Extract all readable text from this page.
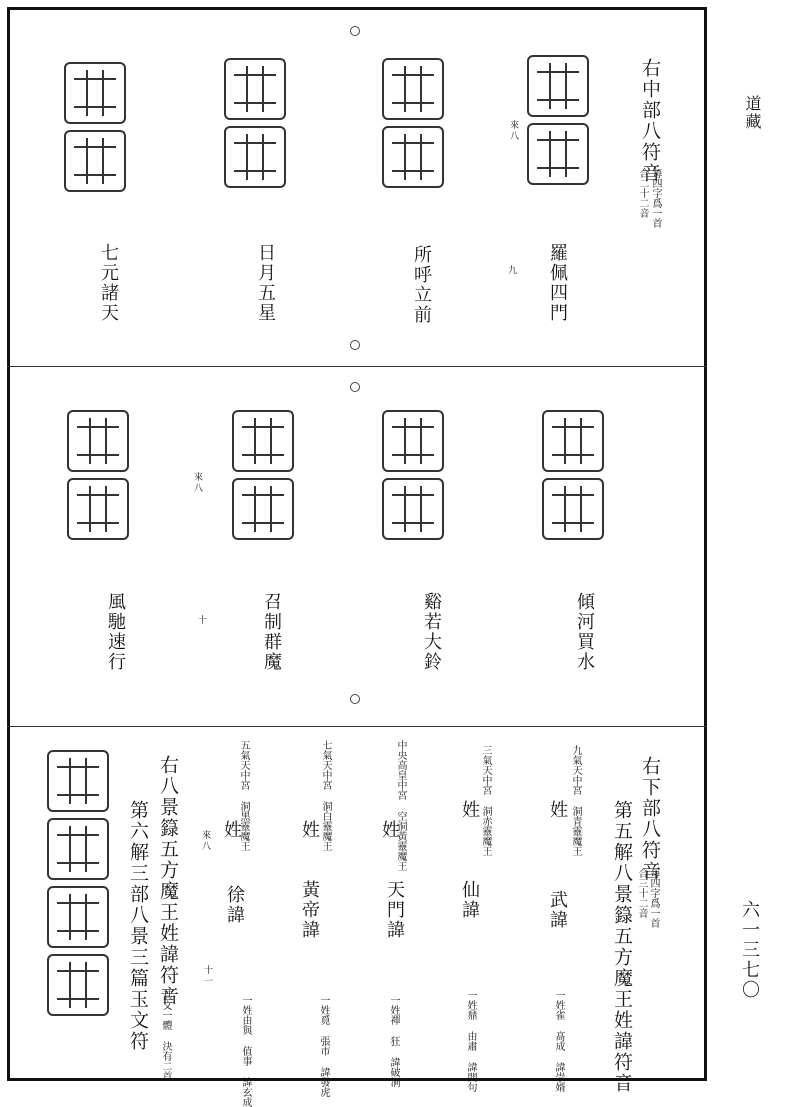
道藏
六一三七〇
右中部八符音
每四字爲一首
合二十二音
來八
九 羅佩四門
所呼立前
日月五星
七元諸天
來八
十	傾河買水
谿若大鈴
召制群魔
風馳速行
右下部八符音
每四字爲一首
合三十二音
第五解八景籙五方魔王姓諱符音
九氣天中宮 洞青靈魔王
姓
武諱
一姓雀 髙成 諱崇婿
三氣天中宮 洞赤靈魔王
姓
仙諱
一姓鼎 由肅 諱開句
中央高皇中宮 空洞黃靈魔王
姓
天門諱
一姓禪 狂 諱破洞
七氣天中宮 洞白靈魔王
姓
黃帝諱
一姓覓 張市 諱發虎
五氣天中宮 洞黑靈魔王
姓
徐諱
一姓由與 值事 諱玄成
來八
十一
右八景籙五方魔王姓諱符音
其文一體 決有二首
第六解三部八景三篇玉文符
